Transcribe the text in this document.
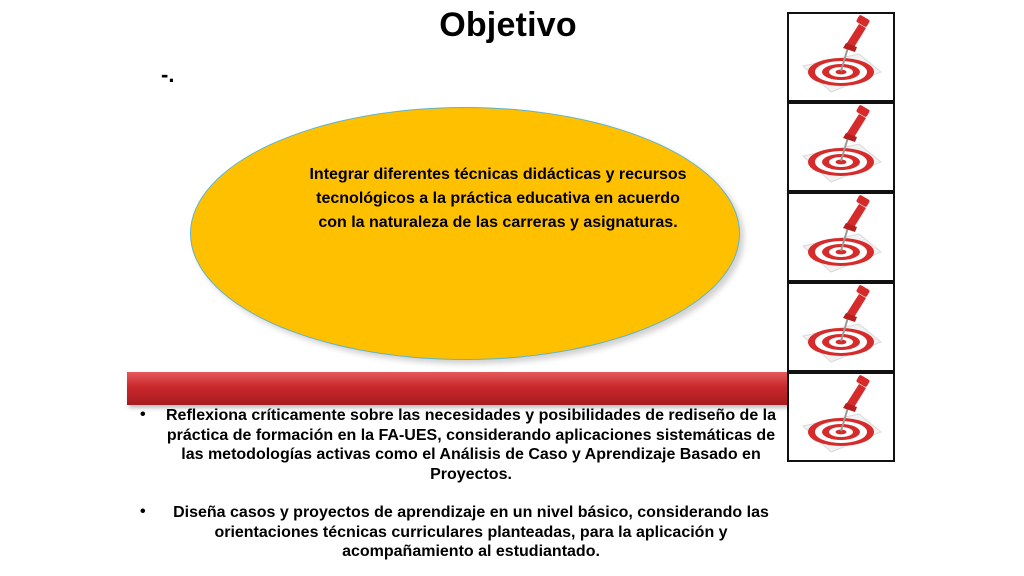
Objetivo
-.
Integrar diferentes técnicas didácticas y recursos tecnológicos a la práctica educativa en acuerdo con la naturaleza de las carreras y asignaturas.
• Reflexiona críticamente sobre las necesidades y posibilidades de rediseño de la práctica de formación en la FA-UES, considerando aplicaciones sistemáticas de las metodologías activas como el Análisis de Caso y Aprendizaje Basado en Proyectos.
•	Diseña casos y proyectos de aprendizaje en un nivel básico, considerando las orientaciones técnicas curriculares planteadas, para la aplicación y acompañamiento al estudiantado.
